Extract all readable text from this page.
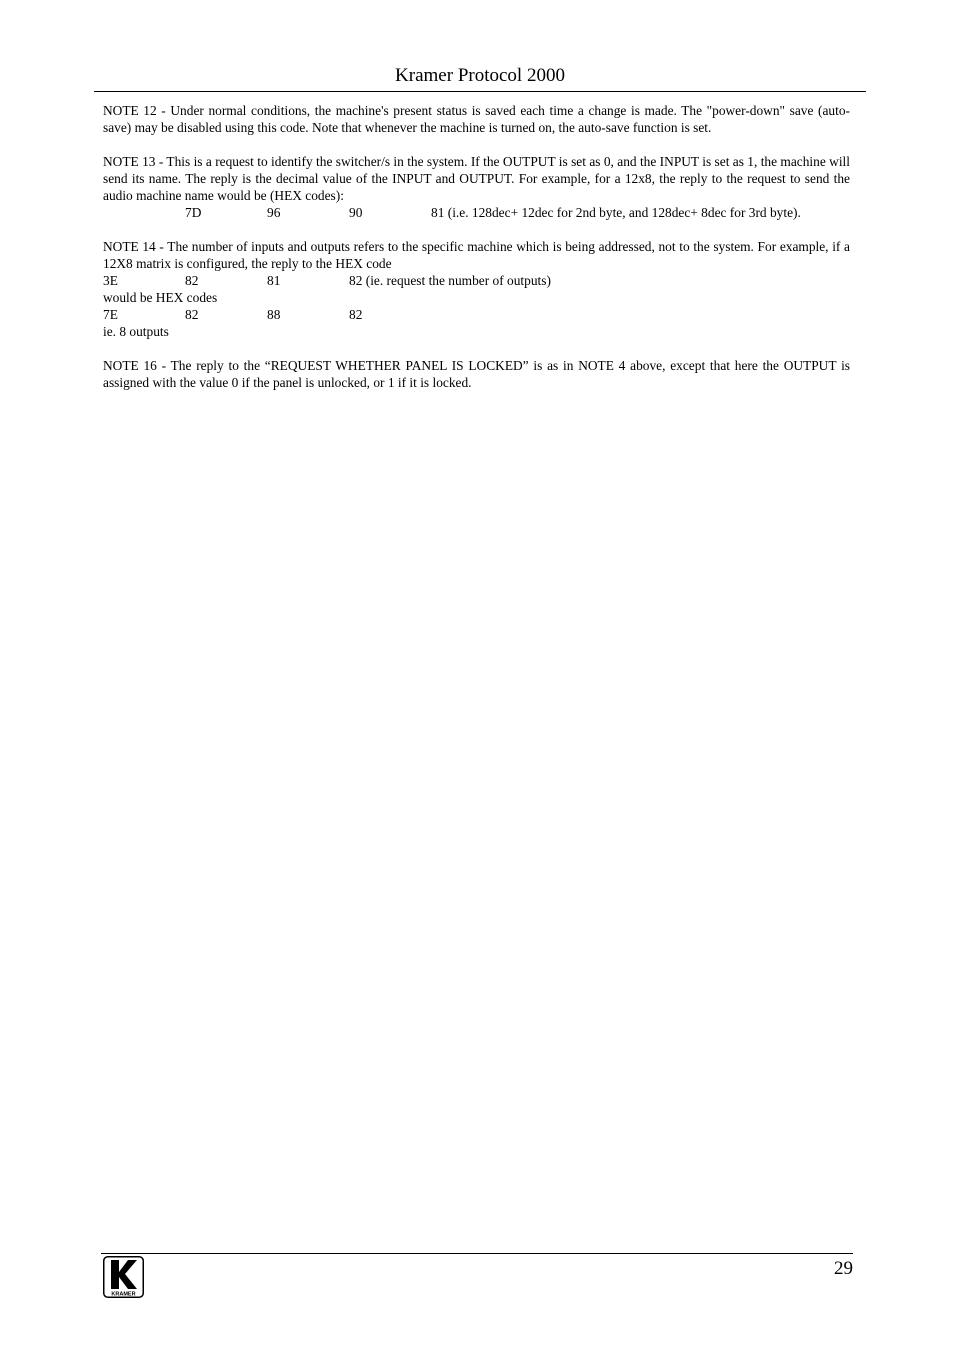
Kramer Protocol 2000

NOTE 12 - Under normal conditions, the machine's present status is saved each time a change is made. The "power-down" save (auto-save) may be disabled using this code. Note that whenever the machine is turned on, the auto-save function is set.

NOTE 13 - This is a request to identify the switcher/s in the system. If the OUTPUT is set as 0, and the INPUT is set as 1, the machine will send its name. The reply is the decimal value of the INPUT and OUTPUT. For example, for a 12x8, the reply to the request to send the audio machine name would be (HEX codes):
7D	96	90	81 (i.e. 128dec+ 12dec for 2nd byte, and 128dec+ 8dec for 3rd byte).
NOTE 14 - The number of inputs and outputs refers to the specific machine which is being addressed, not to the system. For example, if a 12X8 matrix is configured, the reply to the HEX code
3E	82	81	82 (ie. request the number of outputs)
would be HEX codes
7E	82	88	82
ie. 8 outputs

NOTE 16 - The reply to the “REQUEST WHETHER PANEL IS LOCKED” is as in NOTE 4 above, except that here the OUTPUT is assigned with the value 0 if the panel is unlocked, or 1 if it is locked.

KRAMER
29
